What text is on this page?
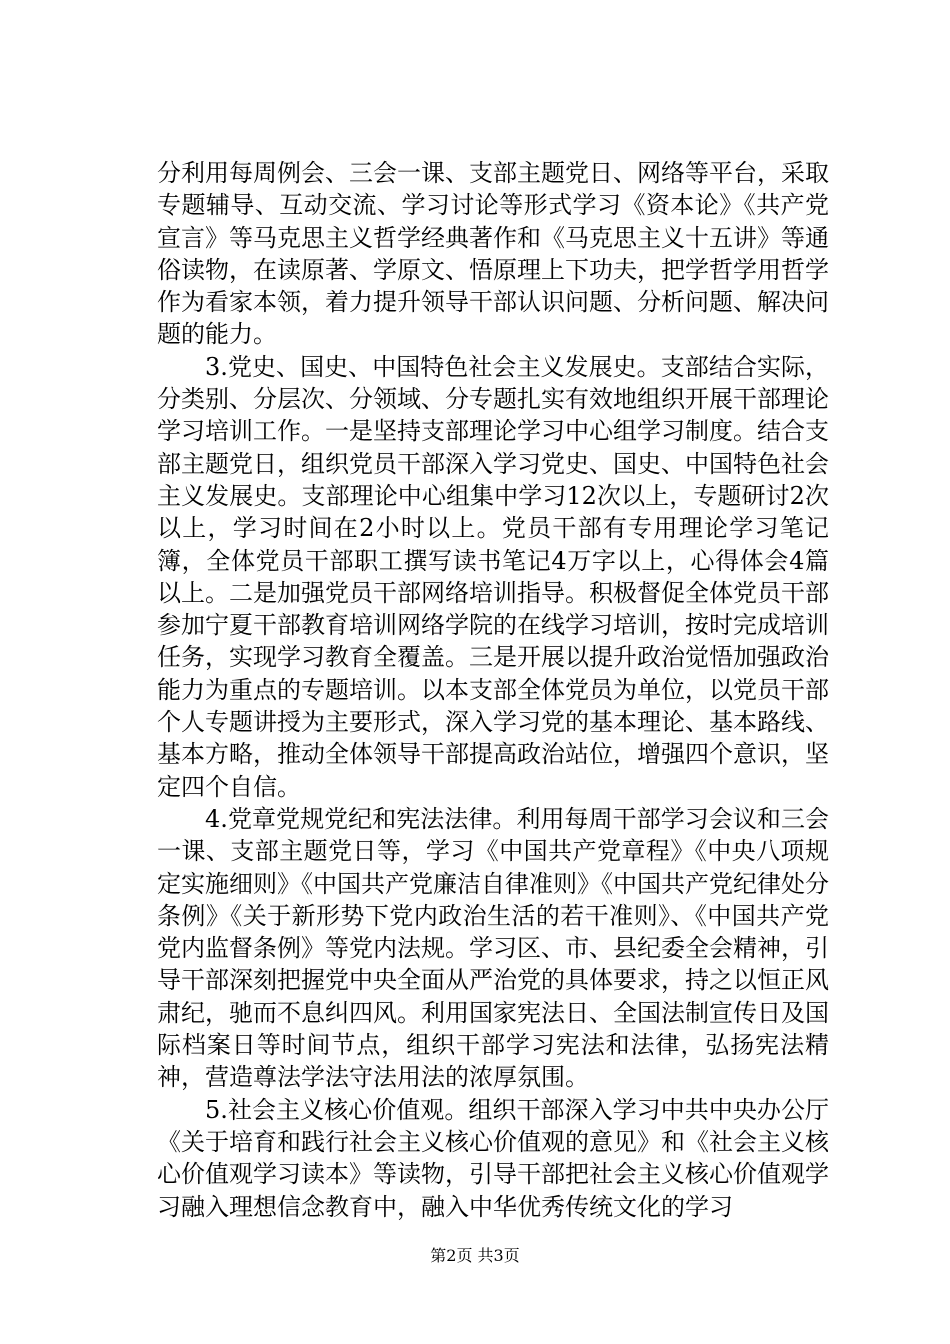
分利用每周例会、三会一课、支部主题党日、网络等平台，采取专题辅导、互动交流、学习讨论等形式学习《资本论》《共产党宣言》等马克思主义哲学经典著作和《马克思主义十五讲》等通俗读物，在读原著、学原文、悟原理上下功夫，把学哲学用哲学作为看家本领，着力提升领导干部认识问题、分析问题、解决问题的能力。

3.党史、国史、中国特色社会主义发展史。支部结合实际，分类别、分层次、分领域、分专题扎实有效地组织开展干部理论学习培训工作。一是坚持支部理论学习中心组学习制度。结合支部主题党日，组织党员干部深入学习党史、国史、中国特色社会主义发展史。支部理论中心组集中学习12次以上，专题研讨2次以上，学习时间在2小时以上。党员干部有专用理论学习笔记簿，全体党员干部职工撰写读书笔记4万字以上，心得体会4篇以上。二是加强党员干部网络培训指导。积极督促全体党员干部参加宁夏干部教育培训网络学院的在线学习培训，按时完成培训任务，实现学习教育全覆盖。三是开展以提升政治觉悟加强政治能力为重点的专题培训。以本支部全体党员为单位，以党员干部个人专题讲授为主要形式，深入学习党的基本理论、基本路线、基本方略，推动全体领导干部提高政治站位，增强四个意识，坚定四个自信。

4.党章党规党纪和宪法法律。利用每周干部学习会议和三会一课、支部主题党日等，学习《中国共产党章程》《中央八项规定实施细则》《中国共产党廉洁自律准则》《中国共产党纪律处分条例》《关于新形势下党内政治生活的若干准则》、《中国共产党党内监督条例》等党内法规。学习区、市、县纪委全会精神，引导干部深刻把握党中央全面从严治党的具体要求，持之以恒正风肃纪，驰而不息纠四风。利用国家宪法日、全国法制宣传日及国际档案日等时间节点，组织干部学习宪法和法律，弘扬宪法精神，营造尊法学法守法用法的浓厚氛围。

5.社会主义核心价值观。组织干部深入学习中共中央办公厅《关于培育和践行社会主义核心价值观的意见》和《社会主义核心价值观学习读本》等读物，引导干部把社会主义核心价值观学习融入理想信念教育中，融入中华优秀传统文化的学习

第2页 共3页
